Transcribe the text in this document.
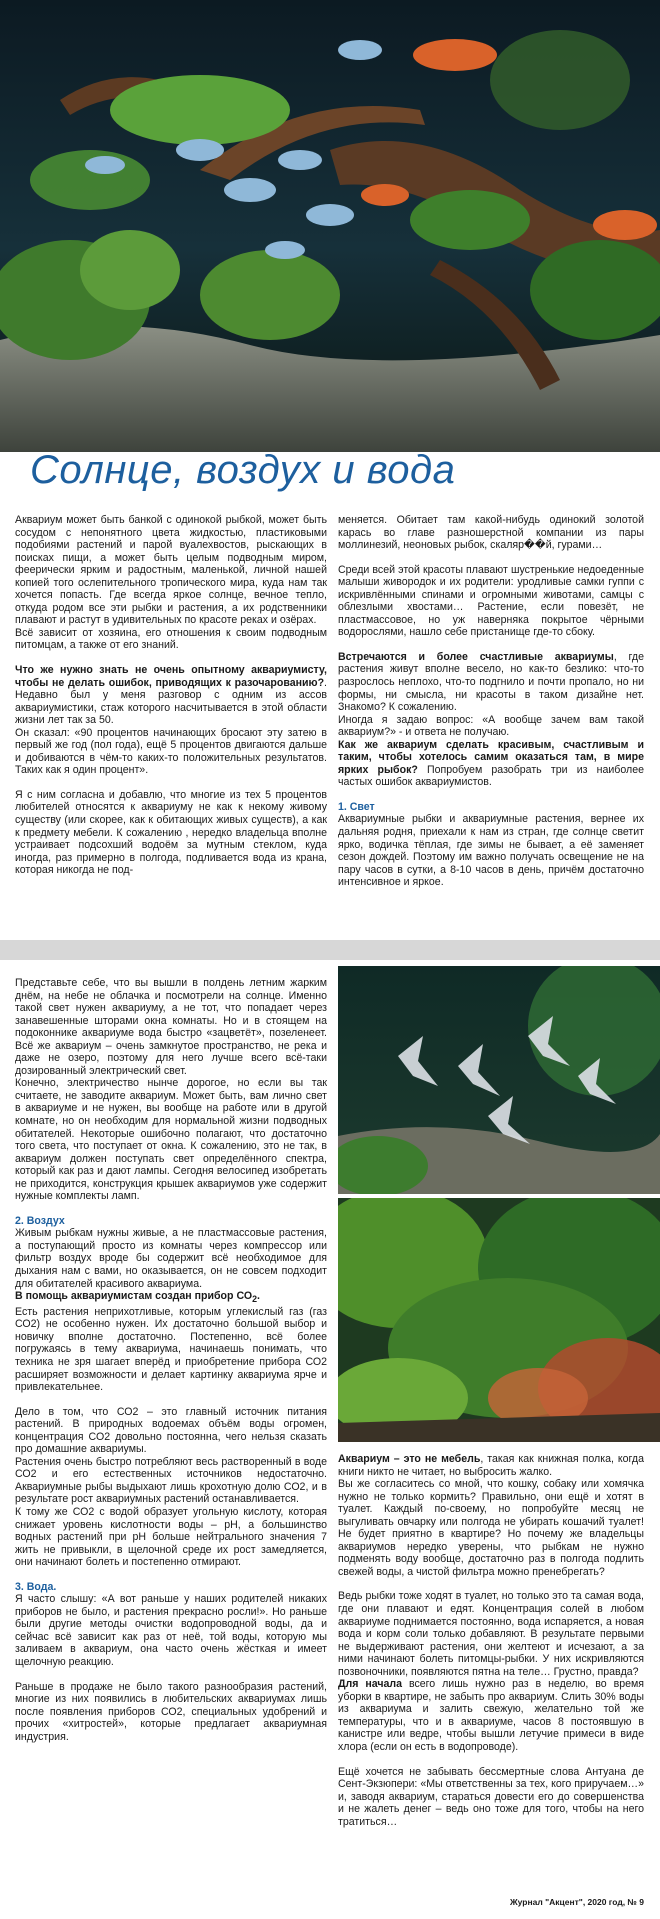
Солнце, воздух и вода

Аквариум может быть банкой с одинокой рыбкой, может быть сосудом с непонятного цвета жидкостью, пластиковыми подобиями растений и парой вуалехвостов, рыскающих в поисках пищи, а может быть целым подводным миром, феерически ярким и радостным, маленькой, личной нашей копией того ослепительного тропического мира, куда нам так хочется попасть. Где всегда яркое солнце, вечное тепло, откуда родом все эти рыбки и растения, а их родственники плавают и растут в удивительных по красоте реках и озёрах.

Всё зависит от хозяина, его отношения к своим подводным питомцам, а также от его знаний.

Что же нужно знать не очень опытному аквариумисту, чтобы не делать ошибок, приводящих к разочарованию?. Недавно был у меня разговор с одним из ассов аквариумистики, стаж которого насчитывается в этой области жизни лет так за 50.

Он сказал: «90 процентов начинающих бросают эту затею в первый же год (пол года), ещё 5 процентов двигаются дальше и добиваются в чём-то каких-то положительных результатов. Таких как я один процент».

Я с ним согласна и добавлю, что многие из тех 5 процентов любителей относятся к аквариуму не как к некому живому существу (или скорее, как к обитающих живых существ), а как к предмету мебели. К сожалению , нередко владельца вполне устраивает подсохший водоём за мутным стеклом, куда иногда, раз примерно в полгода, подливается вода из крана, которая никогда не под-

меняется. Обитает там какой-нибудь одинокий золотой карась во главе разношерстной компании из пары моллинезий, неоновых рыбок, скаляр��й, гурами…

Среди всей этой красоты плавают шустренькие недоеденные малыши живородок и их родители: уродливые самки гуппи с искривлёнными спинами и огромными животами, самцы с облезлыми хвостами… Растение, если повезёт, не пластмассовое, но уж наверняка покрытое чёрными водорослями, нашло себе пристанище где-то сбоку.

Встречаются и более счастливые аквариумы, где растения живут вполне весело, но как-то безлико: что-то разрослось неплохо, что-то подгнило и почти пропало, но ни формы, ни смысла, ни красоты в таком дизайне нет. Знакомо? К сожалению.

Иногда я задаю вопрос: «А вообще зачем вам такой аквариум?» - и ответа не получаю.

Как же аквариум сделать красивым, счастливым и таким, чтобы хотелось самим оказаться там, в мире ярких рыбок? Попробуем разобрать три из наиболее частых ошибок аквариумистов.

1. Свет

Аквариумные рыбки и аквариумные растения, вернее их дальняя родня, приехали к нам из стран, где солнце светит ярко, водичка тёплая, где зимы не бывает, а её заменяет сезон дождей. Поэтому им важно получать освещение не на пару часов в сутки, а 8-10 часов в день, причём достаточно интенсивное и яркое.

Представьте себе, что вы вышли в полдень летним жарким днём, на небе не облачка и посмотрели на солнце. Именно такой свет нужен аквариуму, а не тот, что попадает через занавешенные шторами окна комнаты. Но и в стоящем на подоконнике аквариуме вода быстро «зацветёт», позеленеет. Всё же аквариум – очень замкнутое пространство, не река и даже не озеро, поэтому для него лучше всего всё-таки дозированный электрический свет.

Конечно, электричество нынче дорогое, но если вы так считаете, не заводите аквариум. Может быть, вам лично свет в аквариуме и не нужен, вы вообще на работе или в другой комнате, но он необходим для нормальной жизни подводных обитателей. Некоторые ошибочно полагают, что достаточно того света, что поступает от окна. К сожалению, это не так, в аквариум должен поступать свет определённого спектра, который как раз и дают лампы. Сегодня велосипед изобретать не приходится, конструкция крышек аквариумов уже содержит нужные комплекты ламп.

2. Воздух

Живым рыбкам нужны живые, а не пластмассовые растения, а поступающий просто из комнаты через компрессор или фильтр воздух вроде бы содержит всё необходимое для дыхания нам с вами, но оказывается, он не совсем подходит для обитателей красивого аквариума.

В помощь аквариумистам создан прибор $СО_2$.

Есть растения неприхотливые, которым углекислый газ (газ СО2) не особенно нужен. Их достаточно большой выбор и новичку вполне достаточно. Постепенно, всё более погружаясь в тему аквариума, начинаешь понимать, что техника не зря шагает вперёд и приобретение прибора СО2 расширяет возможности и делает картинку аквариума ярче и привлекательнее.

Дело в том, что СО2 – это главный источник питания растений. В природных водоемах объём воды огромен, концентрация СО2 довольно постоянна, чего нельзя сказать про домашние аквариумы.

Растения очень быстро потребляют весь растворенный в воде СО2 и его естественных источников недостаточно. Аквариумные рыбы выдыхают лишь крохотную долю СО2, и в результате рост аквариумных растений останавливается.

К тому же СО2 с водой образует угольную кислоту, которая снижает уровень кислотности воды – pH, а большинство водных растений при pH больше нейтрального значения 7 жить не привыкли, в щелочной среде их рост замедляется, они начинают болеть и постепенно отмирают.

3. Вода.

Я часто слышу: «А вот раньше у наших родителей никаких приборов не было, и растения прекрасно росли!». Но раньше были другие методы очистки водопроводной воды, да и сейчас всё зависит как раз от неё, той воды, которую мы заливаем в аквариум, она часто очень жёсткая и имеет щелочную реакцию.

Раньше в продаже не было такого разнообразия растений, многие из них появились в любительских аквариумах лишь после появления приборов СО2, специальных удобрений и прочих «хитростей», которые предлагает аквариумная индустрия.

Аквариум – это не мебель, такая как книжная полка, когда книги никто не читает, но выбросить жалко.

Вы же согласитесь со мной, что кошку, собаку или хомячка нужно не только кормить? Правильно, они ещё и хотят в туалет. Каждый по-своему, но попробуйте месяц не выгуливать овчарку или полгода не убирать кошачий туалет! Не будет приятно в квартире? Но почему же владельцы аквариумов нередко уверены, что рыбкам не нужно подменять воду вообще, достаточно раз в полгода подлить свежей воды, а чистой фильтра можно пренебрегать?

Ведь рыбки тоже ходят в туалет, но только это та самая вода, где они плавают и едят. Концентрация солей в любом аквариуме поднимается постоянно, вода испаряется, а новая вода и корм соли только добавляют. В результате первыми не выдерживают растения, они желтеют и исчезают, а за ними начинают болеть питомцы-рыбки. У них искривляются позвоночники, появляются пятна на теле… Грустно, правда?

Для начала всего лишь нужно раз в неделю, во время уборки в квартире, не забыть про аквариум. Слить 30% воды из аквариума и залить свежую, желательно той же температуры, что и в аквариуме, часов 8 постоявшую в канистре или ведре, чтобы вышли летучие примеси в виде хлора (если он есть в водопроводе).

Ещё хочется не забывать бессмертные слова Антуана де Сент-Экзюпери: «Мы ответственны за тех, кого приручаем…» и, заводя аквариум, стараться довести его до совершенства и не жалеть денег – ведь оно тоже для того, чтобы на него тратиться…

Журнал "Акцент", 2020 год, № 9
